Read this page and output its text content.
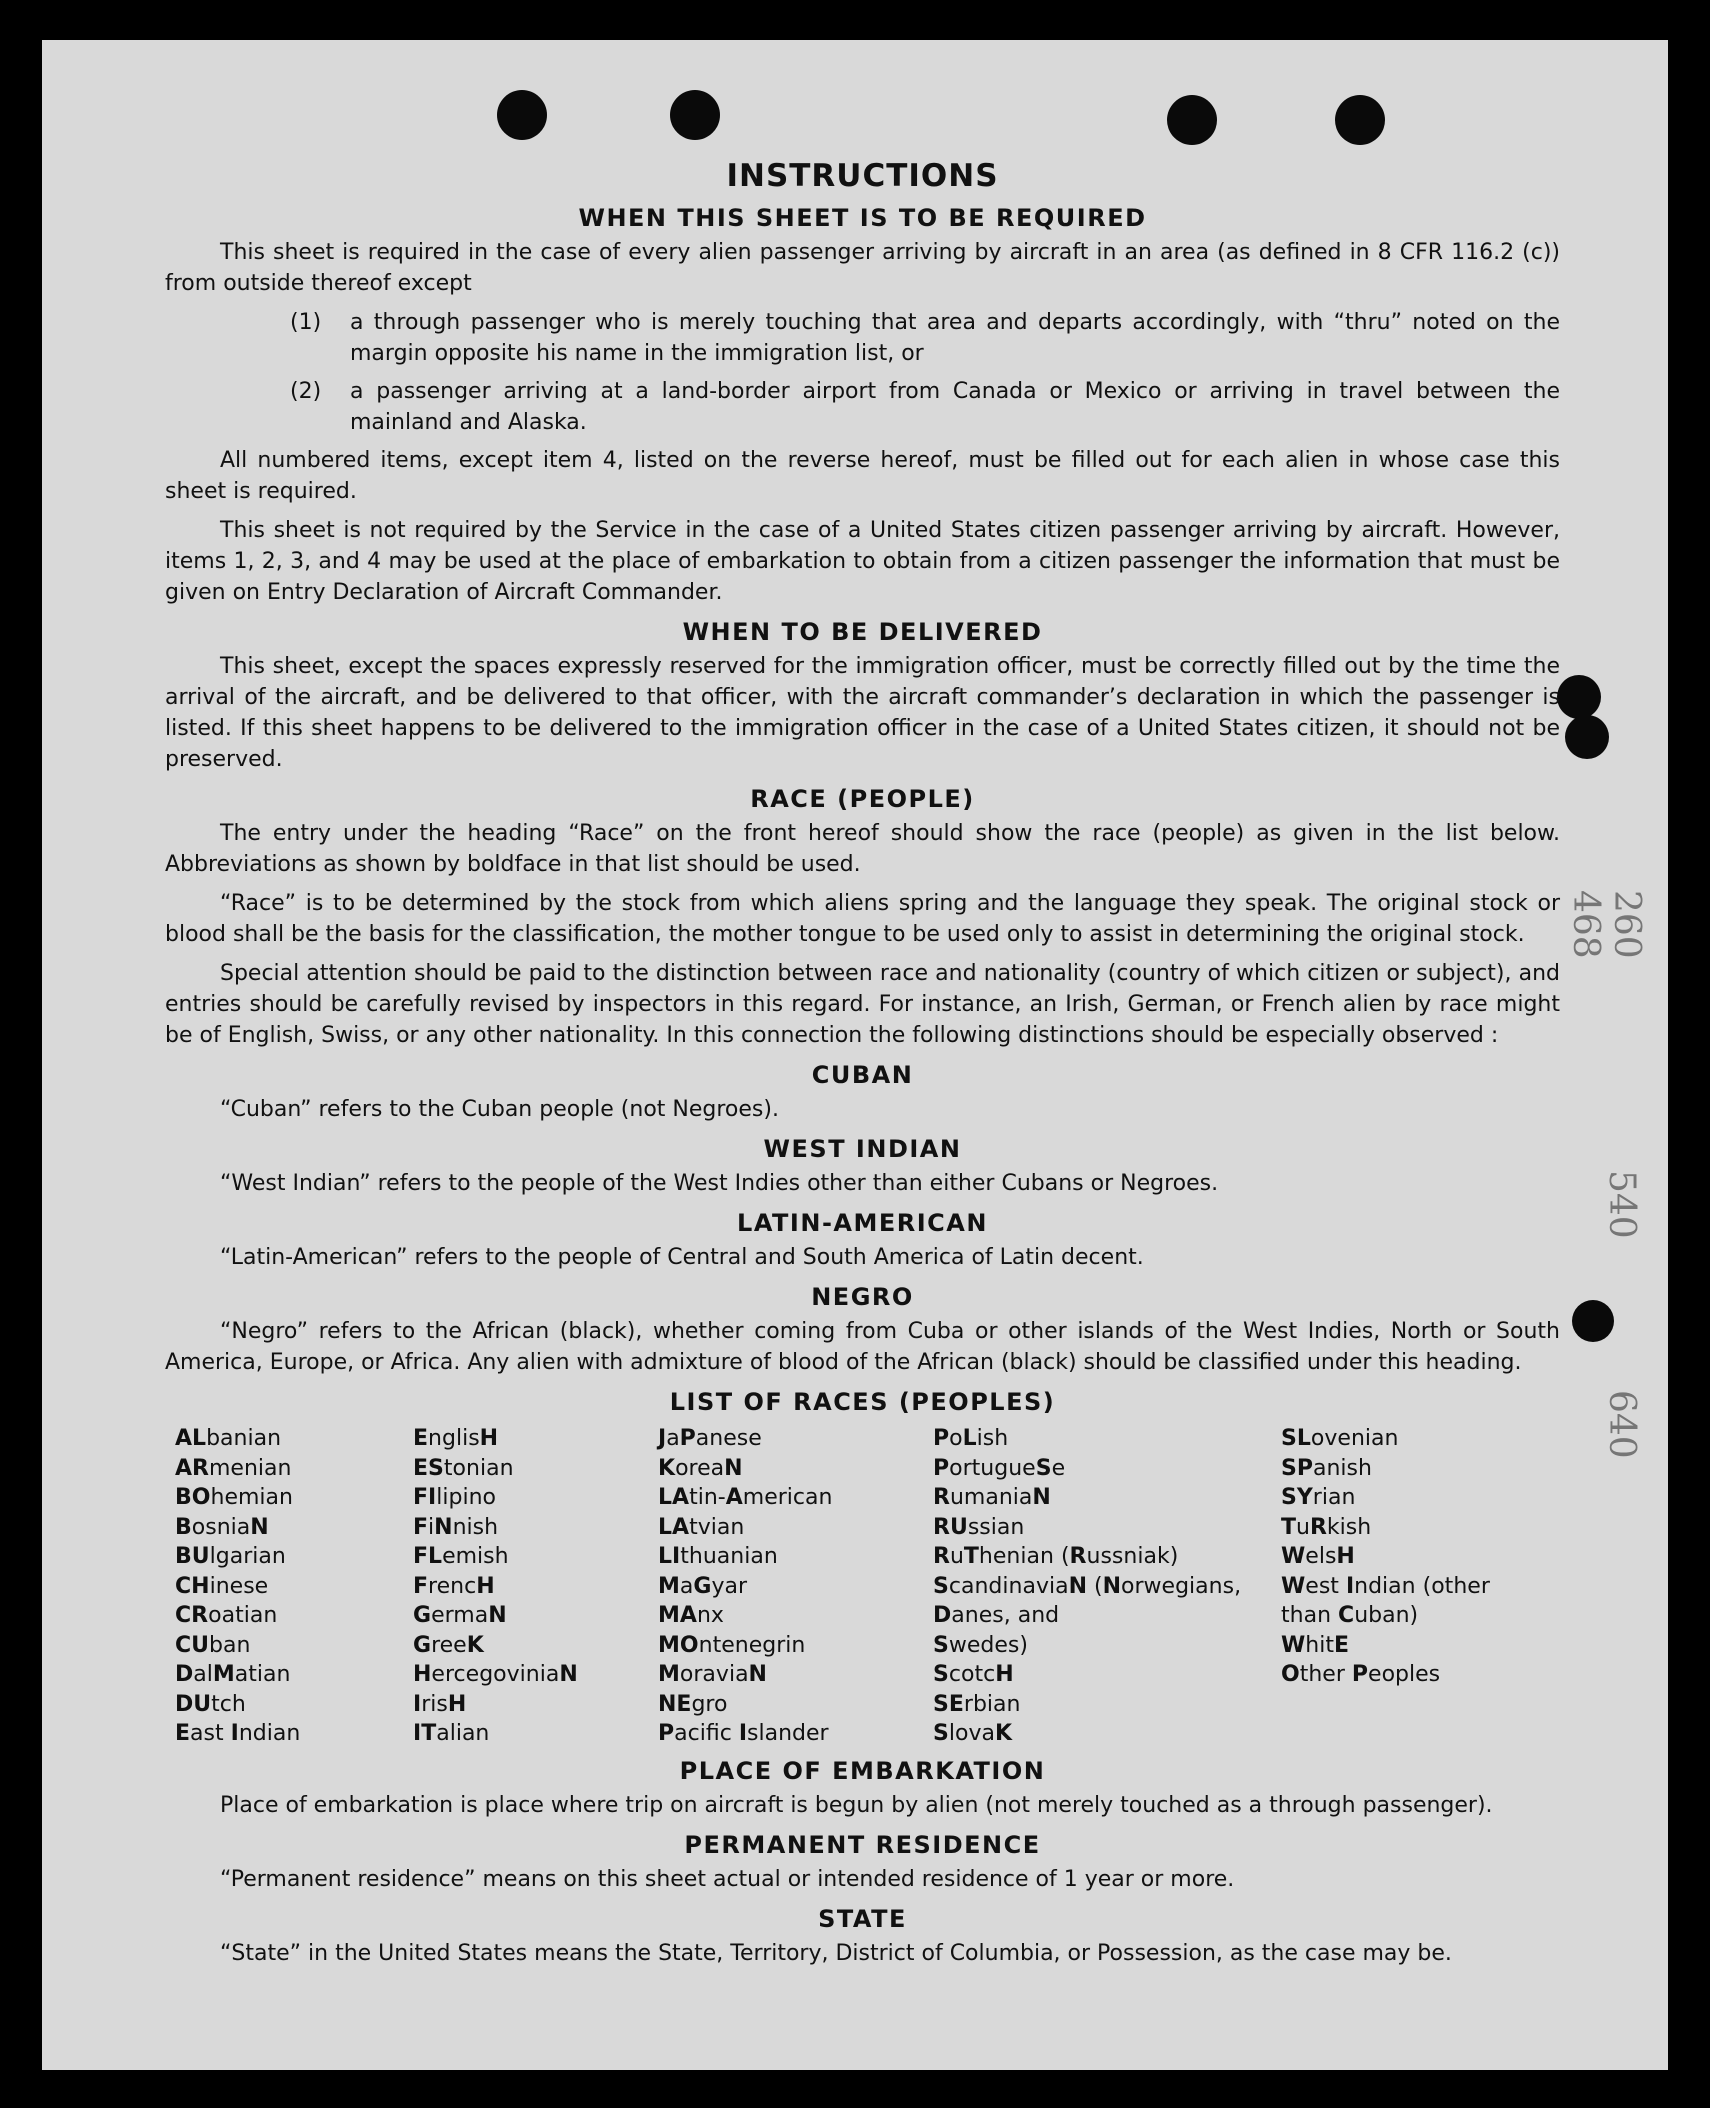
260 468
540
640
INSTRUCTIONS
WHEN THIS SHEET IS TO BE REQUIRED

This sheet is required in the case of every alien passenger arriving by aircraft in an area (as defined in 8 CFR 116.2 (c)) from outside thereof except

(1)	a through passenger who is merely touching that area and departs accordingly, with “thru” noted on the margin opposite his name in the immigration list, or
(2)	a passenger arriving at a land-border airport from Canada or Mexico or arriving in travel between the mainland and Alaska.

All numbered items, except item 4, listed on the reverse hereof, must be filled out for each alien in whose case this sheet is required.

This sheet is not required by the Service in the case of a United States citizen passenger arriving by aircraft. However, items 1, 2, 3, and 4 may be used at the place of embarkation to obtain from a citizen passenger the information that must be given on Entry Declaration of Aircraft Commander.

WHEN TO BE DELIVERED

This sheet, except the spaces expressly reserved for the immigration officer, must be correctly filled out by the time the arrival of the aircraft, and be delivered to that officer, with the aircraft commander’s declaration in which the passenger is listed. If this sheet happens to be delivered to the immigration officer in the case of a United States citizen, it should not be preserved.

RACE (PEOPLE)

The entry under the heading “Race” on the front hereof should show the race (people) as given in the list below. Abbreviations as shown by boldface in that list should be used.

“Race” is to be determined by the stock from which aliens spring and the language they speak. The original stock or blood shall be the basis for the classification, the mother tongue to be used only to assist in determining the original stock.

Special attention should be paid to the distinction between race and nationality (country of which citizen or subject), and entries should be carefully revised by inspectors in this regard. For instance, an Irish, German, or French alien by race might be of English, Swiss, or any other nationality. In this connection the following distinctions should be especially observed :

CUBAN

“Cuban” refers to the Cuban people (not Negroes).

WEST INDIAN

“West Indian” refers to the people of the West Indies other than either Cubans or Negroes.

LATIN-AMERICAN

“Latin-American” refers to the people of Central and South America of Latin decent.

NEGRO

“Negro” refers to the African (black), whether coming from Cuba or other islands of the West Indies, North or South America, Europe, or Africa. Any alien with admixture of blood of the African (black) should be classified under this heading.

LIST OF RACES (PEOPLES)
ALbanian
ARmenian
BOhemian
BosniaN
BUlgarian
CHinese
CRoatian
CUban
DalMatian
DUtch
East Indian
EnglisH
EStonian
FIlipino
FiNnish
FLemish
FrencH
GermaN
GreeK
HercegoviniaN
IrisH
ITalian
JaPanese
KoreaN
LAtin-American
LAtvian
LIthuanian
MaGyar
MAnx
MOntenegrin
MoraviaN
NEgro
Pacifc Islander
PoLish
PortugueSe
RumaniaN
RUssian
RuThenian (Russniak)
ScandinaviaN (Norwegians,
Danes, and
Swedes)
ScotcH
SErbian
SlovaK
SLovenian
SPanish
SYrian
TuRkish
WelsH
West Indian (other
than Cuban)
WhitE
Other Peoples
PLACE OF EMBARKATION

Place of embarkation is place where trip on aircraft is begun by alien (not merely touched as a through passenger).

PERMANENT RESIDENCE

“Permanent residence” means on this sheet actual or intended residence of 1 year or more.

STATE

“State” in the United States means the State, Territory, District of Columbia, or Possession, as the case may be.
